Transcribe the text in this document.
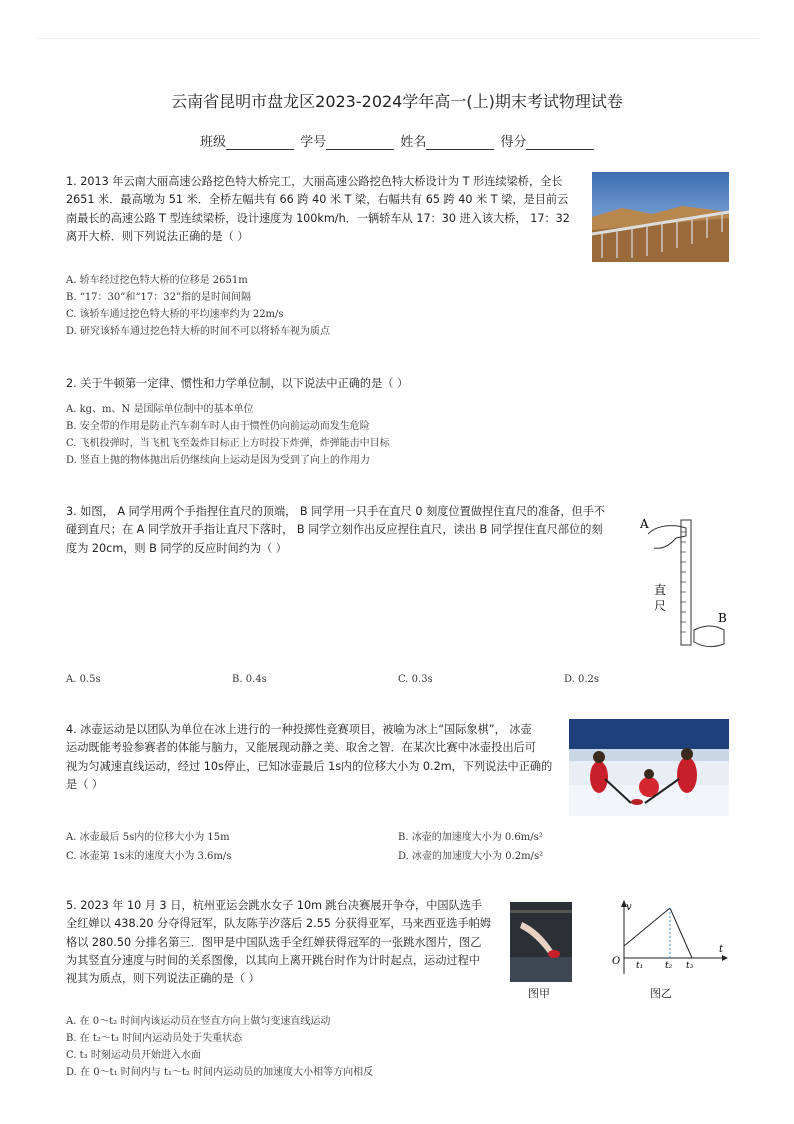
云南省昆明市盘龙区2023-2024学年高一(上)期末考试物理试卷
班级	学号	姓名	得分
1. 2013 年云南大丽高速公路挖色特大桥完工，大丽高速公路挖色特大桥设计为 T 形连续梁桥，全长
2651 米．最高墩为 51 米．全桥左幅共有 66 跨 40 米 T 梁，右幅共有 65 跨 40 米 T 梁，是目前云
南最长的高速公路 T 型连续梁桥，设计速度为 100km/h．一辆轿车从 17：30 进入该大桥， 17：32
离开大桥．则下列说法正确的是（ ）
A. 轿车经过挖色特大桥的位移是 2651m
B. “17：30”和“17：32”指的是时间间隔
C. 该轿车通过挖色特大桥的平均速率约为 22m/s
D. 研究该轿车通过挖色特大桥的时间不可以将轿车视为质点
2. 关于牛顿第一定律、惯性和力学单位制，以下说法中正确的是（ ）
A. kg、m、N 是国际单位制中的基本单位
B. 安全带的作用是防止汽车刹车时人由于惯性仍向前运动而发生危险
C. 飞机投弹时，当飞机飞至轰炸目标正上方时投下炸弹，炸弹能击中目标
D. 竖直上抛的物体抛出后仍继续向上运动是因为受到了向上的作用力
3. 如图， A 同学用两个手指捏住直尺的顶端， B 同学用一只手在直尺 0 刻度位置做捏住直尺的准备，但手不
碰到直尺；在 A 同学放开手指让直尺下落时， B 同学立刻作出反应捏住直尺，读出 B 同学捏住直尺部位的刻
度为 20cm，则 B 同学的反应时间约为（ ）
A
B
直
尺
A. 0.5s	B. 0.4s	C. 0.3s	D. 0.2s
4. 冰壶运动是以团队为单位在冰上进行的一种投掷性竞赛项目，被喻为冰上“国际象棋”， 冰壶
运动既能考验参赛者的体能与脑力，又能展现动静之美、取舍之智．在某次比赛中冰壶投出后可
视为匀减速直线运动，经过 10s停止，已知冰壶最后 1s内的位移大小为 0.2m，下列说法中正确的
是（ ）
A. 冰壶最后 5s内的位移大小为 15m	B. 冰壶的加速度大小为 0.6m/s²
C. 冰壶第 1s末的速度大小为 3.6m/s	D. 冰壶的加速度大小为 0.2m/s²
5. 2023 年 10 月 3 日，杭州亚运会跳水女子 10m 跳台决赛展开争夺，中国队选手
全红婵以 438.20 分夺得冠军，队友陈芋汐落后 2.55 分获得亚军，马来西亚选手帕姆
格以 280.50 分排名第三．图甲是中国队选手全红婵获得冠军的一张跳水图片，图乙
为其竖直分速度与时间的关系图像，以其向上离开跳台时作为计时起点，运动过程中
视其为质点，则下列说法正确的是（ ）
图甲
v
t
O t₁ t₂ t₃
图乙
A. 在 0～t₂ 时间内该运动员在竖直方向上做匀变速直线运动
B. 在 t₂～t₃ 时间内运动员处于失重状态
C. t₃ 时刻运动员开始进入水面
D. 在 0～t₁ 时间内与 t₁～t₂ 时间内运动员的加速度大小相等方向相反
